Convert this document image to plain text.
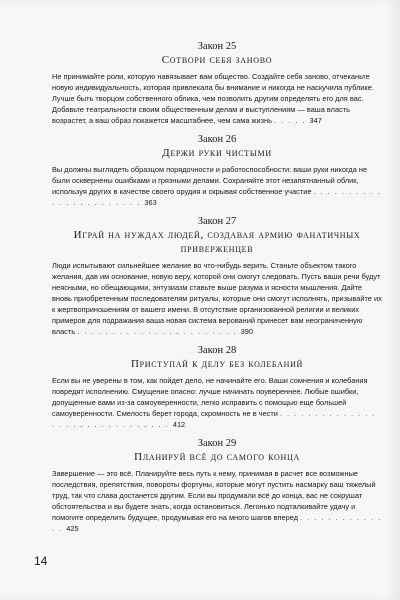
Закон 25

Сотвори себя заново

Не принимайте роли, которую навязывает вам общество. Создайте себя заново, отчеканьте новую индивидуальность, которая привлекала бы внимание и никогда не наскучила публике. Лучше быть творцом собственного облика, чем позволить другим определять его для вас. Добавьте театральности своим общественным делам и выступлениям — ваша власть возрастет, а ваш образ покажется масштабнее, чем сама жизнь . . . . . 347

Закон 26

Держи руки чистыми

Вы должны выглядеть образцом порядочности и работоспособности: ваши руки никогда не были осквернены ошибками и грязными делами. Сохраняйте этот незапятнанный облик, используя других в качестве своего орудия и скрывая собственное участие . . . . . . . . . . . . . . . . . . . . . . . 363

Закон 27

Играй на нуждах людей, создавая армию фанатичных приверженцев

Люди испытывают сильнейшее желание во что-нибудь верить. Станьте объектом такого желания, дав им основание, новую веру, которой они смогут следовать. Пусть ваши речи будут неясными, но обещающими, энтузиазм ставьте выше разума и ясности мышления. Дайте вновь приобретенным последователям ритуалы, которые они смогут исполнять, призывайте их к жертвоприношениям от вашего имени. В отсутствие организованной религии и великих примеров для подражания ваша новая система верований принесет вам неограниченную власть . . . . . . . . . . . . . . . . . . . . . . . 390

Закон 28

Приступай к делу без колебаний

Если вы не уверены в том, как пойдет дело, не начинайте его. Ваши сомнения и колебания повредят исполнению. Смущение опасно: лучше начинать поувереннее. Любые ошибки, допущенные вами из-за самоуверенности, легко исправить с помощью еще большей самоуверенности. Смелость берет города, скромность не в чести . . . . . . . . . . . . . . . . . . . . . . . . . . . . . . . 412

Закон 29

Планируй всё до самого конца

Завершение — это всё. Планируйте весь путь к нему, принимая в расчет все возможные последствия, препятствия, повороты фортуны, которые могут пустить насмарку ваш тяжелый труд, так что слава достанется другим. Если вы продумали всё до конца, вас не сокрушат обстоятельства и вы будете знать, когда остановиться. Легонько подталкивайте удачу и помогите определить будущее, продумывая его на много шагов вперед . . . . . . . . . . . . . . 425

14
